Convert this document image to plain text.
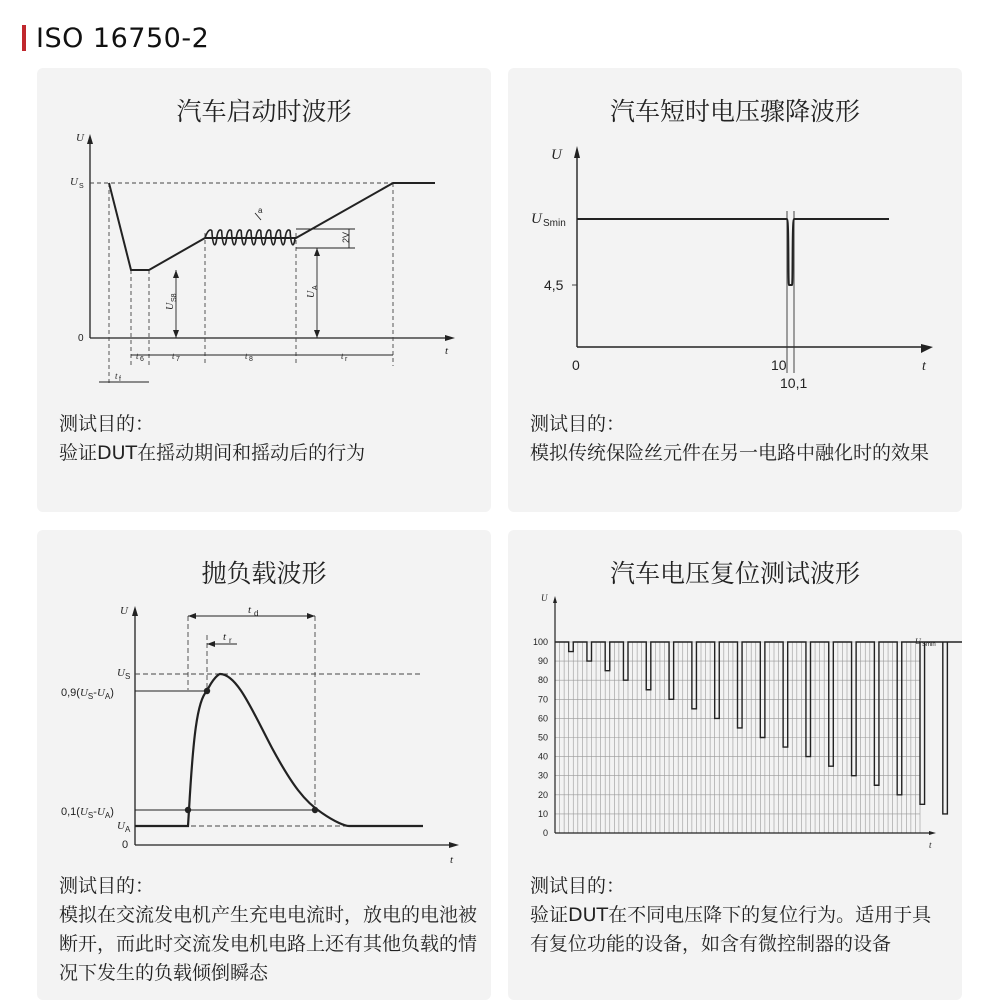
ISO 16750-2
汽车启动时波形
U
t
U S
0
a
2V
U
S8	U
A
t 6	t 7	t 8	t r
t f
测试目的：
验证DUT在摇动期间和摇动后的行为
汽车短时电压骤降波形
U
t
U Smin
4,5
0	10
10,1
测试目的：
模拟传统保险丝元件在另一电路中融化时的效果
抛负载波形
U
t
t d
t r
U S
$0,9(U_S-U_A)$
$0,1(U_S-U_A)$
U A
0
测试目的：
模拟在交流发电机产生充电电流时，放电的电池被断开，而此时交流发电机电路上还有其他负载的情况下发生的负载倾倒瞬态
汽车电压复位测试波形
100
90
80
70
60
50
40
30
20
10
0
U
t
U Smin
测试目的：
验证DUT在不同电压降下的复位行为。适用于具有复位功能的设备，如含有微控制器的设备
